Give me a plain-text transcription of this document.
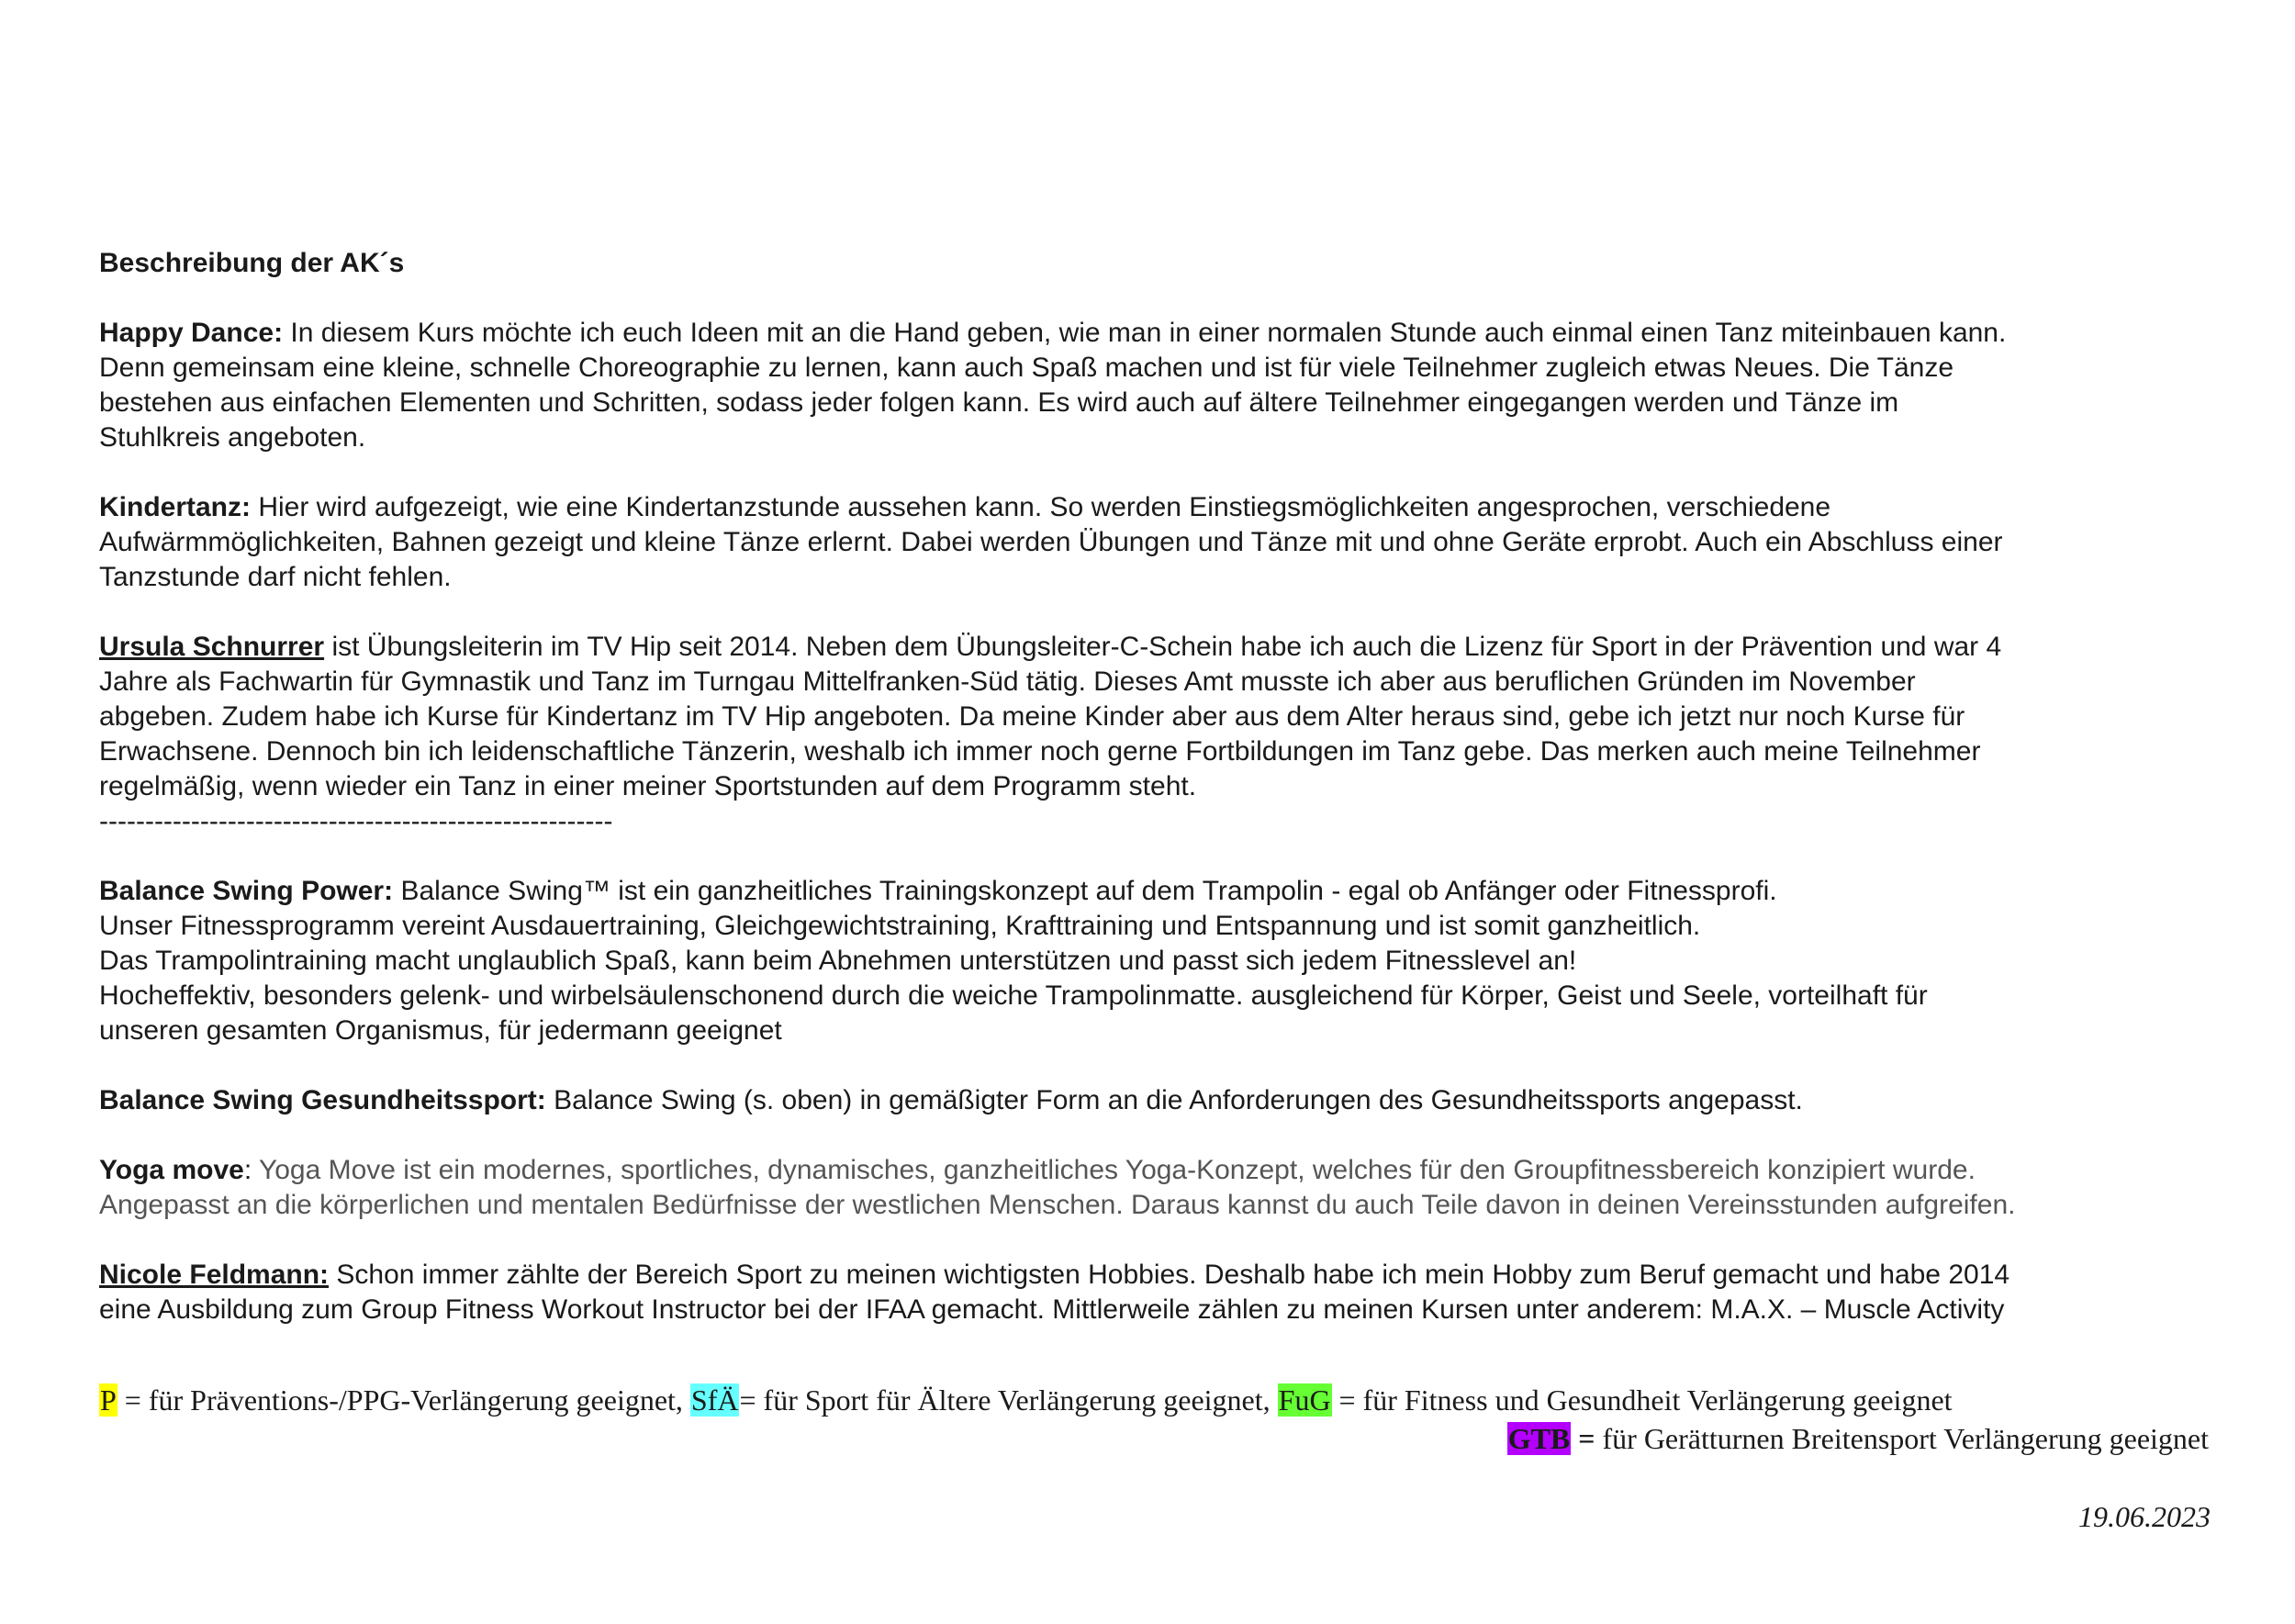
Beschreibung der AK´s

Happy Dance: In diesem Kurs möchte ich euch Ideen mit an die Hand geben, wie man in einer normalen Stunde auch einmal einen Tanz miteinbauen kann.
Denn gemeinsam eine kleine, schnelle Choreographie zu lernen, kann auch Spaß machen und ist für viele Teilnehmer zugleich etwas Neues. Die Tänze
bestehen aus einfachen Elementen und Schritten, sodass jeder folgen kann. Es wird auch auf ältere Teilnehmer eingegangen werden und Tänze im
Stuhlkreis angeboten.
Kindertanz: Hier wird aufgezeigt, wie eine Kindertanzstunde aussehen kann. So werden Einstiegsmöglichkeiten angesprochen, verschiedene
Aufwärmmöglichkeiten, Bahnen gezeigt und kleine Tänze erlernt. Dabei werden Übungen und Tänze mit und ohne Geräte erprobt. Auch ein Abschluss einer
Tanzstunde darf nicht fehlen.
Ursula Schnurrer ist Übungsleiterin im TV Hip seit 2014. Neben dem Übungsleiter-C-Schein habe ich auch die Lizenz für Sport in der Prävention und war 4
Jahre als Fachwartin für Gymnastik und Tanz im Turngau Mittelfranken-Süd tätig. Dieses Amt musste ich aber aus beruflichen Gründen im November
abgeben. Zudem habe ich Kurse für Kindertanz im TV Hip angeboten. Da meine Kinder aber aus dem Alter heraus sind, gebe ich jetzt nur noch Kurse für
Erwachsene. Dennoch bin ich leidenschaftliche Tänzerin, weshalb ich immer noch gerne Fortbildungen im Tanz gebe. Das merken auch meine Teilnehmer
regelmäßig, wenn wieder ein Tanz in einer meiner Sportstunden auf dem Programm steht.
--------------------------------------------------------
Balance Swing Power: Balance Swing™ ist ein ganzheitliches Trainingskonzept auf dem Trampolin - egal ob Anfänger oder Fitnessprofi.
Unser Fitnessprogramm vereint Ausdauertraining, Gleichgewichtstraining, Krafttraining und Entspannung und ist somit ganzheitlich.
Das Trampolintraining macht unglaublich Spaß, kann beim Abnehmen unterstützen und passt sich jedem Fitnesslevel an!
Hocheffektiv, besonders gelenk- und wirbelsäulenschonend durch die weiche Trampolinmatte. ausgleichend für Körper, Geist und Seele, vorteilhaft für
unseren gesamten Organismus, für jedermann geeignet
Balance Swing Gesundheitssport: Balance Swing (s. oben) in gemäßigter Form an die Anforderungen des Gesundheitssports angepasst.
Yoga move: Yoga Move ist ein modernes, sportliches, dynamisches, ganzheitliches Yoga-Konzept, welches für den Groupfitnessbereich konzipiert wurde.
Angepasst an die körperlichen und mentalen Bedürfnisse der westlichen Menschen. Daraus kannst du auch Teile davon in deinen Vereinsstunden aufgreifen.
Nicole Feldmann: Schon immer zählte der Bereich Sport zu meinen wichtigsten Hobbies. Deshalb habe ich mein Hobby zum Beruf gemacht und habe 2014
eine Ausbildung zum Group Fitness Workout Instructor bei der IFAA gemacht. Mittlerweile zählen zu meinen Kursen unter anderem: M.A.X. – Muscle Activity
P = für Präventions-/PPG-Verlängerung geeignet, SfÄ= für Sport für Ältere Verlängerung geeignet, FuG = für Fitness und Gesundheit Verlängerung geeignet
GTB = für Gerätturnen Breitensport Verlängerung geeignet
19.06.2023
